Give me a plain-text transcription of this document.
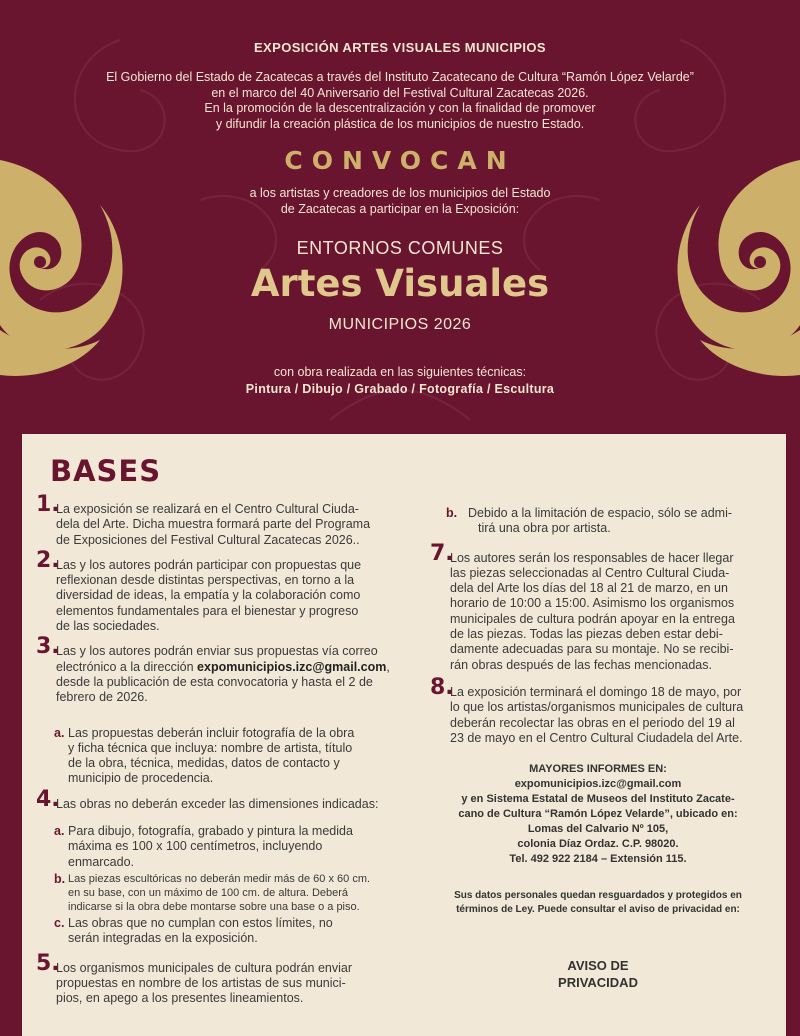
EXPOSICIÓN ARTES VISUALES MUNICIPIOS
El Gobierno del Estado de Zacatecas a través del Instituto Zacatecano de Cultura “Ramón López Velarde”
en el marco del 40 Aniversario del Festival Cultural Zacatecas 2026.
En la promoción de la descentralización y con la finalidad de promover
y difundir la creación plástica de los municipios de nuestro Estado.
CONVOCAN
a los artistas y creadores de los municipios del Estado
de Zacatecas a participar en la Exposición:
ENTORNOS COMUNES
Artes Visuales
MUNICIPIOS 2026
con obra realizada en las siguientes técnicas:
Pintura / Dibujo / Grabado / Fotografía / Escultura
BASES
1.
La exposición se realizará en el Centro Cultural Ciuda-
dela del Arte. Dicha muestra formará parte del Programa
de Exposiciones del Festival Cultural Zacatecas 2026..
2.
Las y los autores podrán participar con propuestas que
reflexionan desde distintas perspectivas, en torno a la
diversidad de ideas, la empatía y la colaboración como
elementos fundamentales para el bienestar y progreso
de las sociedades.
3.
Las y los autores podrán enviar sus propuestas vía correo
electrónico a la dirección expomunicipios.izc@gmail.com,
desde la publicación de esta convocatoria y hasta el 2 de
febrero de 2026.
a. Las propuestas deberán incluir fotografía de la obra
y ficha técnica que incluya: nombre de artista, título
de la obra, técnica, medidas, datos de contacto y
municipio de procedencia.
4.
Las obras no deberán exceder las dimensiones indicadas:
a. Para dibujo, fotografía, grabado y pintura la medida
máxima es 100 x 100 centímetros, incluyendo
enmarcado.
b. Las piezas escultóricas no deberán medir más de 60 x 60 cm.
en su base, con un máximo de 100 cm. de altura. Deberá
indicarse si la obra debe montarse sobre una base o a piso.
c. Las obras que no cumplan con estos límites, no
serán integradas en la exposición.
5.
Los organismos municipales de cultura podrán enviar
propuestas en nombre de los artistas de sus munici-
pios, en apego a los presentes lineamientos.
b. Debido a la limitación de espacio, sólo se admi-
tirá una obra por artista.
7.
Los autores serán los responsables de hacer llegar
las piezas seleccionadas al Centro Cultural Ciuda-
dela del Arte los días del 18 al 21 de marzo, en un
horario de 10:00 a 15:00. Asimismo los organismos
municipales de cultura podrán apoyar en la entrega
de las piezas. Todas las piezas deben estar debi-
damente adecuadas para su montaje. No se recibi-
rán obras después de las fechas mencionadas.
8.
La exposición terminará el domingo 18 de mayo, por
lo que los artistas/organismos municipales de cultura
deberán recolectar las obras en el periodo del 19 al
23 de mayo en el Centro Cultural Ciudadela del Arte.
MAYORES INFORMES EN:
expomunicipios.izc@gmail.com
y en Sistema Estatal de Museos del Instituto Zacate-
cano de Cultura “Ramón López Velarde”, ubicado en:
Lomas del Calvario Nº 105,
colonia Díaz Ordaz. C.P. 98020.
Tel. 492 922 2184 – Extensión 115.
Sus datos personales quedan resguardados y protegidos en
términos de Ley. Puede consultar el aviso de privacidad en:
AVISO DE
PRIVACIDAD
